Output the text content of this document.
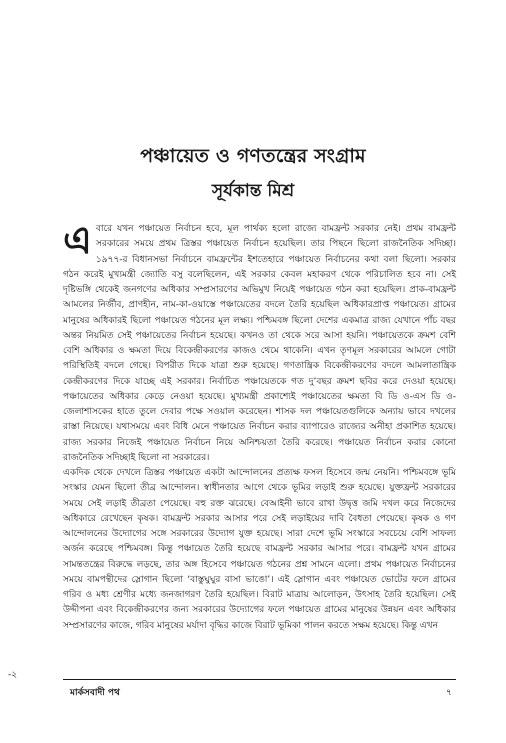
পঞ্চায়েত ও গণতন্ত্রের সংগ্রাম
সূর্যকান্ত মিশ্র

এবারে যখন পঞ্চায়েত নির্বাচন হবে, মূল পার্থক্য হলো রাজ্যে বামফ্রন্ট সরকার নেই। প্রথম বামফ্রন্ট সরকারের সময়ে প্রথম ত্রিস্তর পঞ্চায়েত নির্বাচন হয়েছিল। তার পিছনে ছিলো রাজনৈতিক সদিচ্ছা। ১৯৭৭-র বিধানসভা নির্বাচনে বামফ্রন্টের ইশতেহারে পঞ্চায়েত নির্বাচনের কথা বলা ছিলো। সরকার গঠন করেই মুখ্যমন্ত্রী জ্যোতি বসু বলেছিলেন, এই সরকার কেবল মহাকরণ থেকে পরিচালিত হবে না। সেই দৃষ্টিভঙ্গি থেকেই জনগণের অধিকার সম্প্রসারণের অভিমুখ নিয়েই পঞ্চায়েত গঠন করা হয়েছিল। প্রাক-বামফ্রন্ট আমলের নির্জীব, প্রাণহীন, নাম-কা-ওয়াস্তে পঞ্চায়েতের বদলে তৈরি হয়েছিল অধিকারপ্রাপ্ত পঞ্চায়েত। গ্রামের মানুষের অধিকারই ছিলো পঞ্চায়েত গঠনের মূল লক্ষ্য। পশ্চিমবঙ্গ ছিলো দেশের একমাত্র রাজ্য যেখানে পাঁচ বছর অন্তর নিয়মিত সেই পঞ্চায়েতের নির্বাচন হয়েছে। কখনও তা থেকে সরে আসা হয়নি। পঞ্চায়েতকে ক্রমশ বেশি বেশি অধিকার ও ক্ষমতা দিয়ে বিকেন্দ্রীকরণের কাজও থেমে থাকেনি। এখন তৃণমূল সরকারের আমলে গোটা পরিস্থিতিই বদলে গেছে। বিপরীত দিকে যাত্রা শুরু হয়েছে। গণতান্ত্রিক বিকেন্দ্রীকরণের বদলে আমলাতান্ত্রিক কেন্দ্রীকরণের দিকে যাচ্ছে এই সরকার। নির্বাচিত পঞ্চায়েতকে গত দু’বছর ক্রমশ ছবির করে দেওয়া হয়েছে। পঞ্চায়েতের অধিকার কেড়ে নেওয়া হয়েছে। মুখ্যমন্ত্রী প্রকাশ্যেই পঞ্চায়েতের ক্ষমতা বি ডি ও-এস ডি ও-জেলাশাসকের হাতে তুলে দেবার পক্ষে সওয়াল করেছেন। শাসক দল পঞ্চায়েতগুলিকে অন্যায় ভাবে দখলের রাস্তা নিয়েছে। যথাসময়ে এবং বিধি মেনে পঞ্চায়েত নির্বাচন করার ব্যাপারেও রাজ্যের অনীহা প্রকাশিত হয়েছে। রাজ্য সরকার নিজেই পঞ্চায়েত নির্বাচন নিয়ে অনিশ্চয়তা তৈরি করেছে। পঞ্চায়েত নির্বাচন করার কোনো রাজনৈতিক সদিচ্ছাই ছিলো না সরকারের।

একদিক থেকে দেখলে ত্রিস্তর পঞ্চায়েত একটা আন্দোলনের প্রত্যক্ষ ফসল হিসেবে জন্ম নেয়নি। পশ্চিমবঙ্গে ভূমি সংস্কার যেমন ছিলো তীব্র আন্দোলন। স্বাধীনতার আগে থেকে ভূমির লড়াই শুরু হয়েছে। যুক্তফ্রন্ট সরকারের সময়ে সেই লড়াই তীব্রতা পেয়েছে। বহু রক্ত ঝরেছে। বেআইনী ভাবে রাখা উদ্বৃত্ত জমি দখল করে নিজেদের অধিকারে রেখেছেন কৃষক। বামফ্রন্ট সরকার আসার পরে সেই লড়াইয়ের দাবি বৈধতা পেয়েছে। কৃষক ও গণ আন্দোলনের উদ্যোগের সঙ্গে সরকারের উদ্যোগ যুক্ত হয়েছে। সারা দেশে ভূমি সংস্কারে সবচেয়ে বেশি সাফল্য অর্জন করেছে পশ্চিমবঙ্গ। কিন্তু পঞ্চায়েত তৈরি হয়েছে বামফ্রন্ট সরকার আসার পরে। বামফ্রন্ট যখন গ্রামের সামন্ততন্ত্রের বিরুদ্ধে লড়ছে, তার অঙ্গ হিসেবে পঞ্চায়েত গঠনের প্রশ্ন সামনে এলো। প্রথম পঞ্চায়েত নির্বাচনের সময়ে বামপন্থীদের স্লোগান ছিলো ‘বাস্তুঘুঘুর বাসা ভাঙো’। এই স্লোগান এবং পঞ্চায়েত ভোটের ফলে গ্রামের গরিব ও মধ্য শ্রেণীর মধ্যে জনজাগরণ তৈরি হয়েছিল। বিরাট মাত্রায় আলোড়ন, উৎসাহ তৈরি হয়েছিল। সেই উদ্দীপনা এবং বিকেন্দ্রীকরণের জন্য সরকারের উদ্যোগের ফলে পঞ্চায়েত গ্রামের মানুষের উন্নয়ন এবং অধিকার সম্প্রসারণের কাজে, গরিব মানুষের মর্যাদা বৃদ্ধির কাজে বিরাট ভূমিকা পালন করতে সক্ষম হয়েছে। কিন্তু এখন

-২
মার্কসবাদী পথ	৭
